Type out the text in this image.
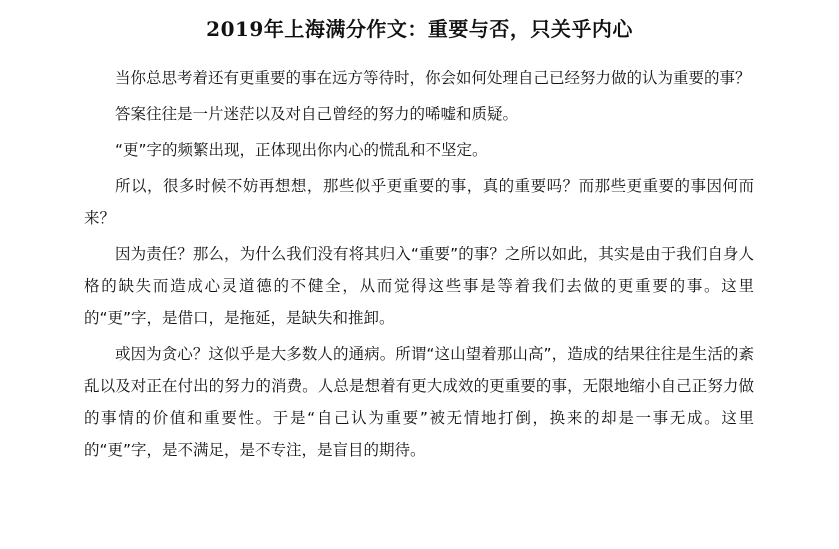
2019年上海满分作文：重要与否，只关乎内心

当你总思考着还有更重要的事在远方等待时，你会如何处理自己已经努力做的认为重要的事？

答案往往是一片迷茫以及对自己曾经的努力的唏嘘和质疑。

“更”字的频繁出现，正体现出你内心的慌乱和不坚定。

所以，很多时候不妨再想想，那些似乎更重要的事，真的重要吗？而那些更重要的事因何而来？

因为责任？那么，为什么我们没有将其归入“重要”的事？之所以如此，其实是由于我们自身人格的缺失而造成心灵道德的不健全，从而觉得这些事是等着我们去做的更重要的事。这里的“更”字，是借口，是拖延，是缺失和推卸。

或因为贪心？这似乎是大多数人的通病。所谓“这山望着那山高”，造成的结果往往是生活的紊乱以及对正在付出的努力的消费。人总是想着有更大成效的更重要的事，无限地缩小自己正努力做的事情的价值和重要性。于是“自己认为重要”被无情地打倒，换来的却是一事无成。这里的“更”字，是不满足，是不专注，是盲目的期待。
